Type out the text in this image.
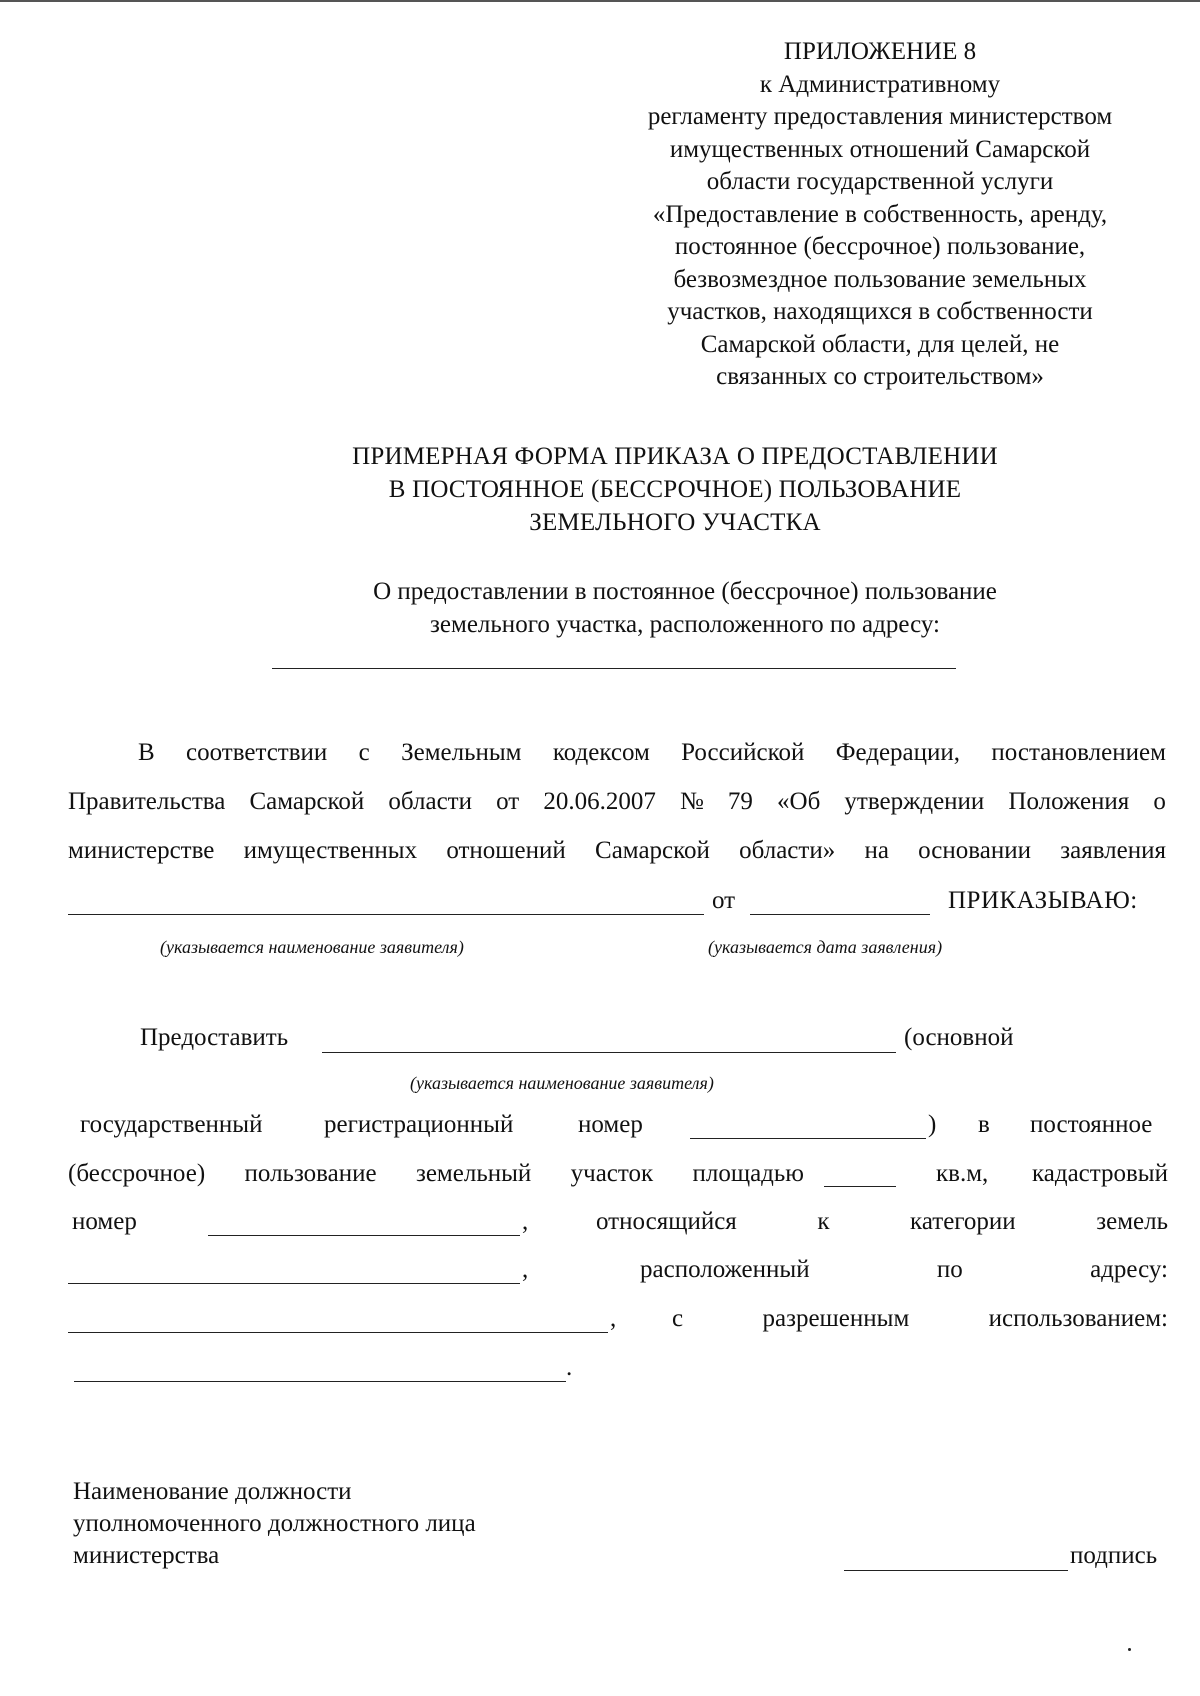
ПРИЛОЖЕНИЕ 8
к Административному
регламенту предоставления министерством
имущественных отношений Самарской
области государственной услуги
«Предоставление в собственность, аренду,
постоянное (бессрочное) пользование,
безвозмездное пользование земельных
участков, находящихся в собственности
Самарской области, для целей, не
связанных со строительством»
ПРИМЕРНАЯ ФОРМА ПРИКАЗА О ПРЕДОСТАВЛЕНИИ
В ПОСТОЯННОЕ (БЕССРОЧНОЕ) ПОЛЬЗОВАНИЕ
ЗЕМЕЛЬНОГО УЧАСТКА
О предоставлении в постоянное (бессрочное) пользование
земельного участка, расположенного по адресу:
В соответствии с Земельным кодексом Российской Федерации, постановлением
Правительства Самарской области от 20.06.2007 № 79 «Об утверждении Положения о
министерстве имущественных отношений Самарской области» на основании заявления
от	ПРИКАЗЫВАЮ:
(указывается наименование заявителя)	(указывается дата заявления)
Предоставить	(основной
(указывается наименование заявителя)
государственный регистрационный	номер	) в постоянное
(бессрочное) пользование земельный участок площадью	кв.м, кадастровый
номер	,	относящийся	к	категории	земель
,	расположенный	по	адресу:
, с	разрешенным	использованием:
.
Наименование должности
уполномоченного должностного лица
министерства	подпись
